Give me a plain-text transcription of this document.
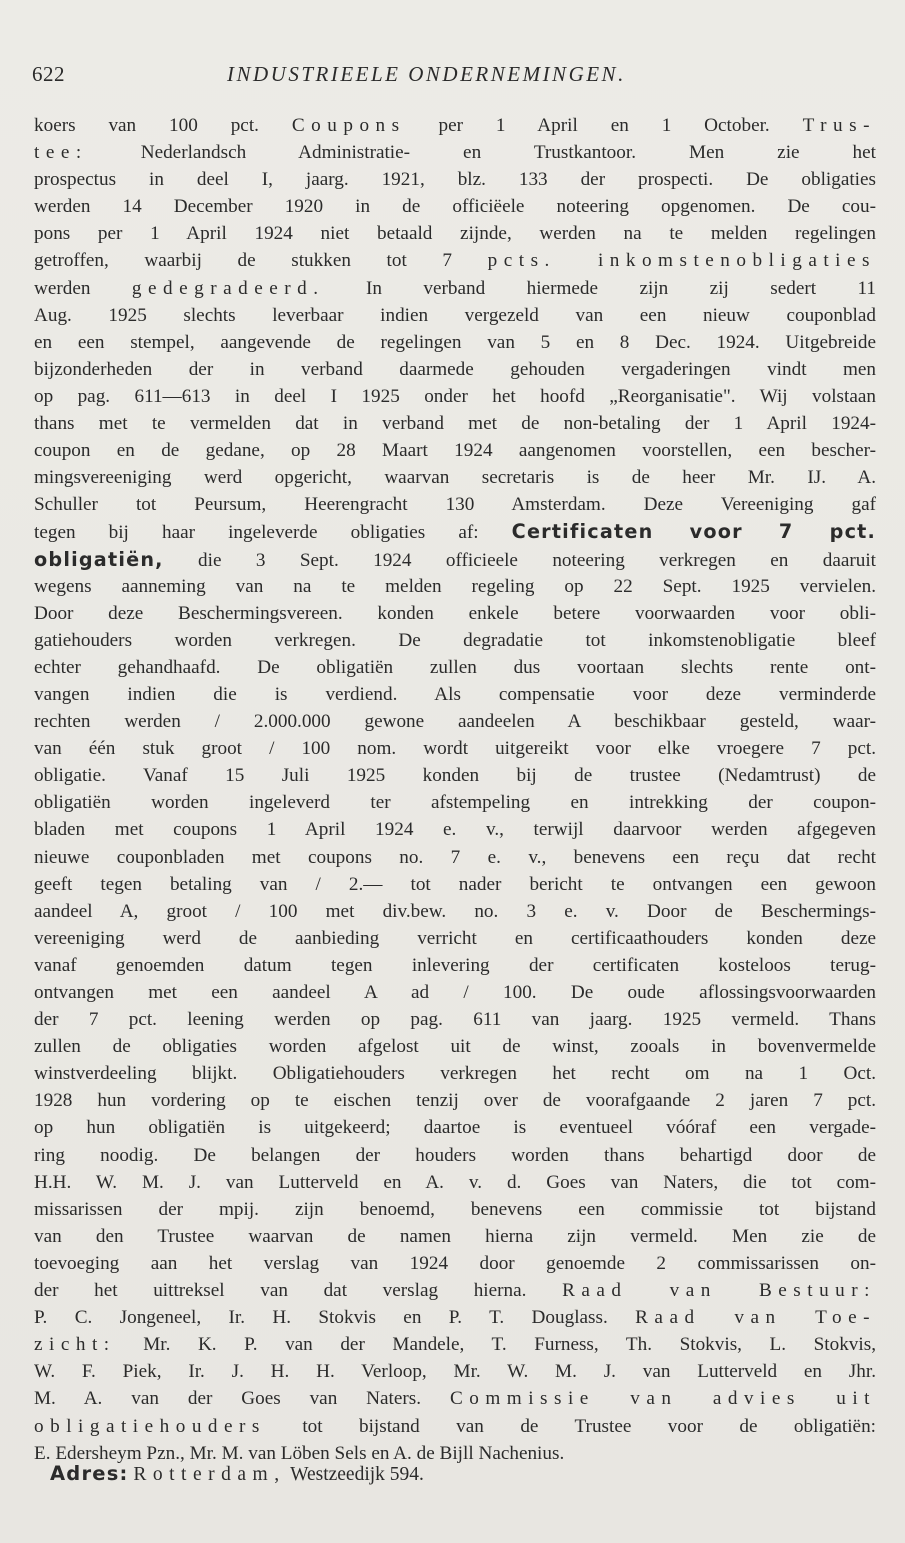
622	INDUSTRIEELE ONDERNEMINGEN.
koers van 100 pct. Coupons per 1 April en 1 October. Trus-
tee: Nederlandsch Administratie- en Trustkantoor. Men zie het
prospectus in deel I, jaarg. 1921, blz. 133 der prospecti. De obligaties
werden 14 December 1920 in de officiëele noteering opgenomen. De cou-
pons per 1 April 1924 niet betaald zijnde, werden na te melden regelingen
getroffen, waarbij de stukken tot 7 pcts. inkomstenobligaties
werden gedegradeerd. In verband hiermede zijn zij sedert 11
Aug. 1925 slechts leverbaar indien vergezeld van een nieuw couponblad
en een stempel, aangevende de regelingen van 5 en 8 Dec. 1924. Uitgebreide
bijzonderheden der in verband daarmede gehouden vergaderingen vindt men
op pag. 611—613 in deel I 1925 onder het hoofd „Reorganisatie". Wij volstaan
thans met te vermelden dat in verband met de non-betaling der 1 April 1924-
coupon en de gedane, op 28 Maart 1924 aangenomen voorstellen, een bescher-
mingsvereeniging werd opgericht, waarvan secretaris is de heer Mr. IJ. A.
Schuller tot Peursum, Heerengracht 130 Amsterdam. Deze Vereeniging gaf
tegen bij haar ingeleverde obligaties af: Certificaten voor 7 pct.
obligatiën, die 3 Sept. 1924 officieele noteering verkregen en daaruit
wegens aanneming van na te melden regeling op 22 Sept. 1925 vervielen.
Door deze Beschermingsvereen. konden enkele betere voorwaarden voor obli-
gatiehouders worden verkregen. De degradatie tot inkomstenobligatie bleef
echter gehandhaafd. De obligatiën zullen dus voortaan slechts rente ont-
vangen indien die is verdiend. Als compensatie voor deze verminderde
rechten werden / 2.000.000 gewone aandeelen A beschikbaar gesteld, waar-
van één stuk groot / 100 nom. wordt uitgereikt voor elke vroegere 7 pct.
obligatie. Vanaf 15 Juli 1925 konden bij de trustee (Nedamtrust) de
obligatiën worden ingeleverd ter afstempeling en intrekking der coupon-
bladen met coupons 1 April 1924 e. v., terwijl daarvoor werden afgegeven
nieuwe couponbladen met coupons no. 7 e. v., benevens een reçu dat recht
geeft tegen betaling van / 2.— tot nader bericht te ontvangen een gewoon
aandeel A, groot / 100 met div.bew. no. 3 e. v. Door de Beschermings-
vereeniging werd de aanbieding verricht en certificaathouders konden deze
vanaf genoemden datum tegen inlevering der certificaten kosteloos terug-
ontvangen met een aandeel A ad / 100. De oude aflossingsvoorwaarden
der 7 pct. leening werden op pag. 611 van jaarg. 1925 vermeld. Thans
zullen de obligaties worden afgelost uit de winst, zooals in bovenvermelde
winstverdeeling blijkt. Obligatiehouders verkregen het recht om na 1 Oct.
1928 hun vordering op te eischen tenzij over de voorafgaande 2 jaren 7 pct.
op hun obligatiën is uitgekeerd; daartoe is eventueel vóóraf een vergade-
ring noodig. De belangen der houders worden thans behartigd door de
H.H. W. M. J. van Lutterveld en A. v. d. Goes van Naters, die tot com-
missarissen der mpij. zijn benoemd, benevens een commissie tot bijstand
van den Trustee waarvan de namen hierna zijn vermeld. Men zie de
toevoeging aan het verslag van 1924 door genoemde 2 commissarissen on-
der het uittreksel van dat verslag hierna. Raad van Bestuur:
P. C. Jongeneel, Ir. H. Stokvis en P. T. Douglass. Raad van Toe-
zicht: Mr. K. P. van der Mandele, T. Furness, Th. Stokvis, L. Stokvis,
W. F. Piek, Ir. J. H. H. Verloop, Mr. W. M. J. van Lutterveld en Jhr.
M. A. van der Goes van Naters. Commissie van advies uit
obligatiehouders tot bijstand van de Trustee voor de obligatiën:
E. Edersheym Pzn., Mr. M. van Löben Sels en A. de Bijll Nachenius.
Adres: Rotterdam, Westzeedijk 594.
